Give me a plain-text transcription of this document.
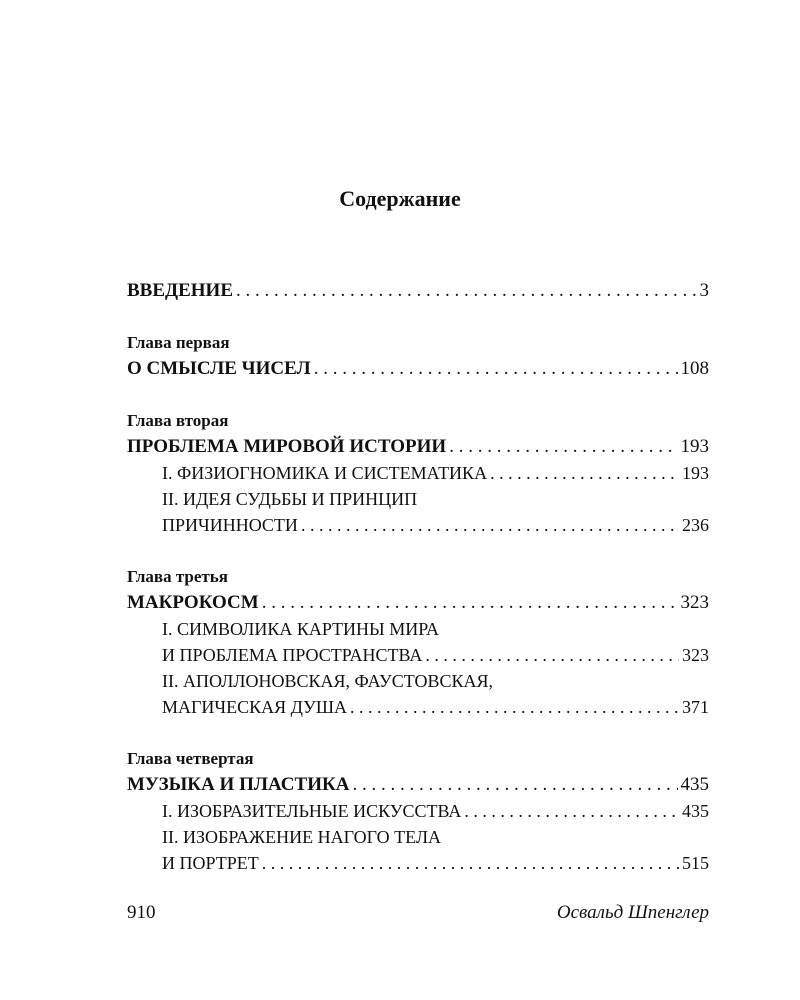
Содержание
ВВЕДЕНИЕ . . .	3
Глава первая
О СМЫСЛЕ ЧИСЕЛ . . .	108
Глава вторая
ПРОБЛЕМА МИРОВОЙ ИСТОРИИ . . .	193
I. ФИЗИОГНОМИКА И СИСТЕМАТИКА . . .	193
II. ИДЕЯ СУДЬБЫ И ПРИНЦИП
ПРИЧИННОСТИ . . .	236
Глава третья
МАКРОКОСМ . . .	323
I. СИМВОЛИКА КАРТИНЫ МИРА
И ПРОБЛЕМА ПРОСТРАНСТВА . . .	323
II. АПОЛЛОНОВСКАЯ, ФАУСТОВСКАЯ,
МАГИЧЕСКАЯ ДУША . . .	371
Глава четвертая
МУЗЫКА И ПЛАСТИКА . . .	435
I. ИЗОБРАЗИТЕЛЬНЫЕ ИСКУССТВА . . .	435
II. ИЗОБРАЖЕНИЕ НАГОГО ТЕЛА
И ПОРТРЕТ . . .	515
910	Освальд Шпенглер
